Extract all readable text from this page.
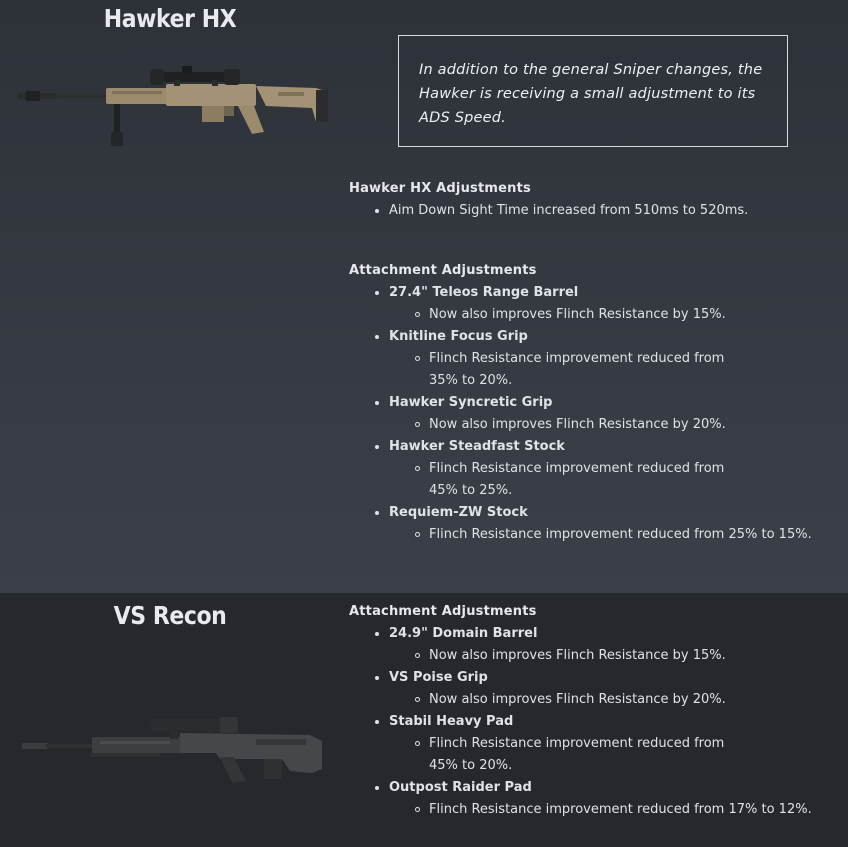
Hawker HX

In addition to the general Sniper changes, the Hawker is receiving a small adjustment to its ADS Speed.

Hawker HX Adjustments
Aim Down Sight Time increased from 510ms to 520ms.
Attachment Adjustments
27.4" Teleos Range Barrel
Now also improves Flinch Resistance by 15%.
Knitline Focus Grip
Flinch Resistance improvement reduced from 35% to 20%.
Hawker Syncretic Grip
Now also improves Flinch Resistance by 20%.
Hawker Steadfast Stock
Flinch Resistance improvement reduced from 45% to 25%.
Requiem-ZW Stock
Flinch Resistance improvement reduced from 25% to 15%.
VS Recon	Attachment Adjustments
24.9" Domain Barrel
Now also improves Flinch Resistance by 15%.
VS Poise Grip
Now also improves Flinch Resistance by 20%.
Stabil Heavy Pad
Flinch Resistance improvement reduced from 45% to 20%.
Outpost Raider Pad
Flinch Resistance improvement reduced from 17% to 12%.
